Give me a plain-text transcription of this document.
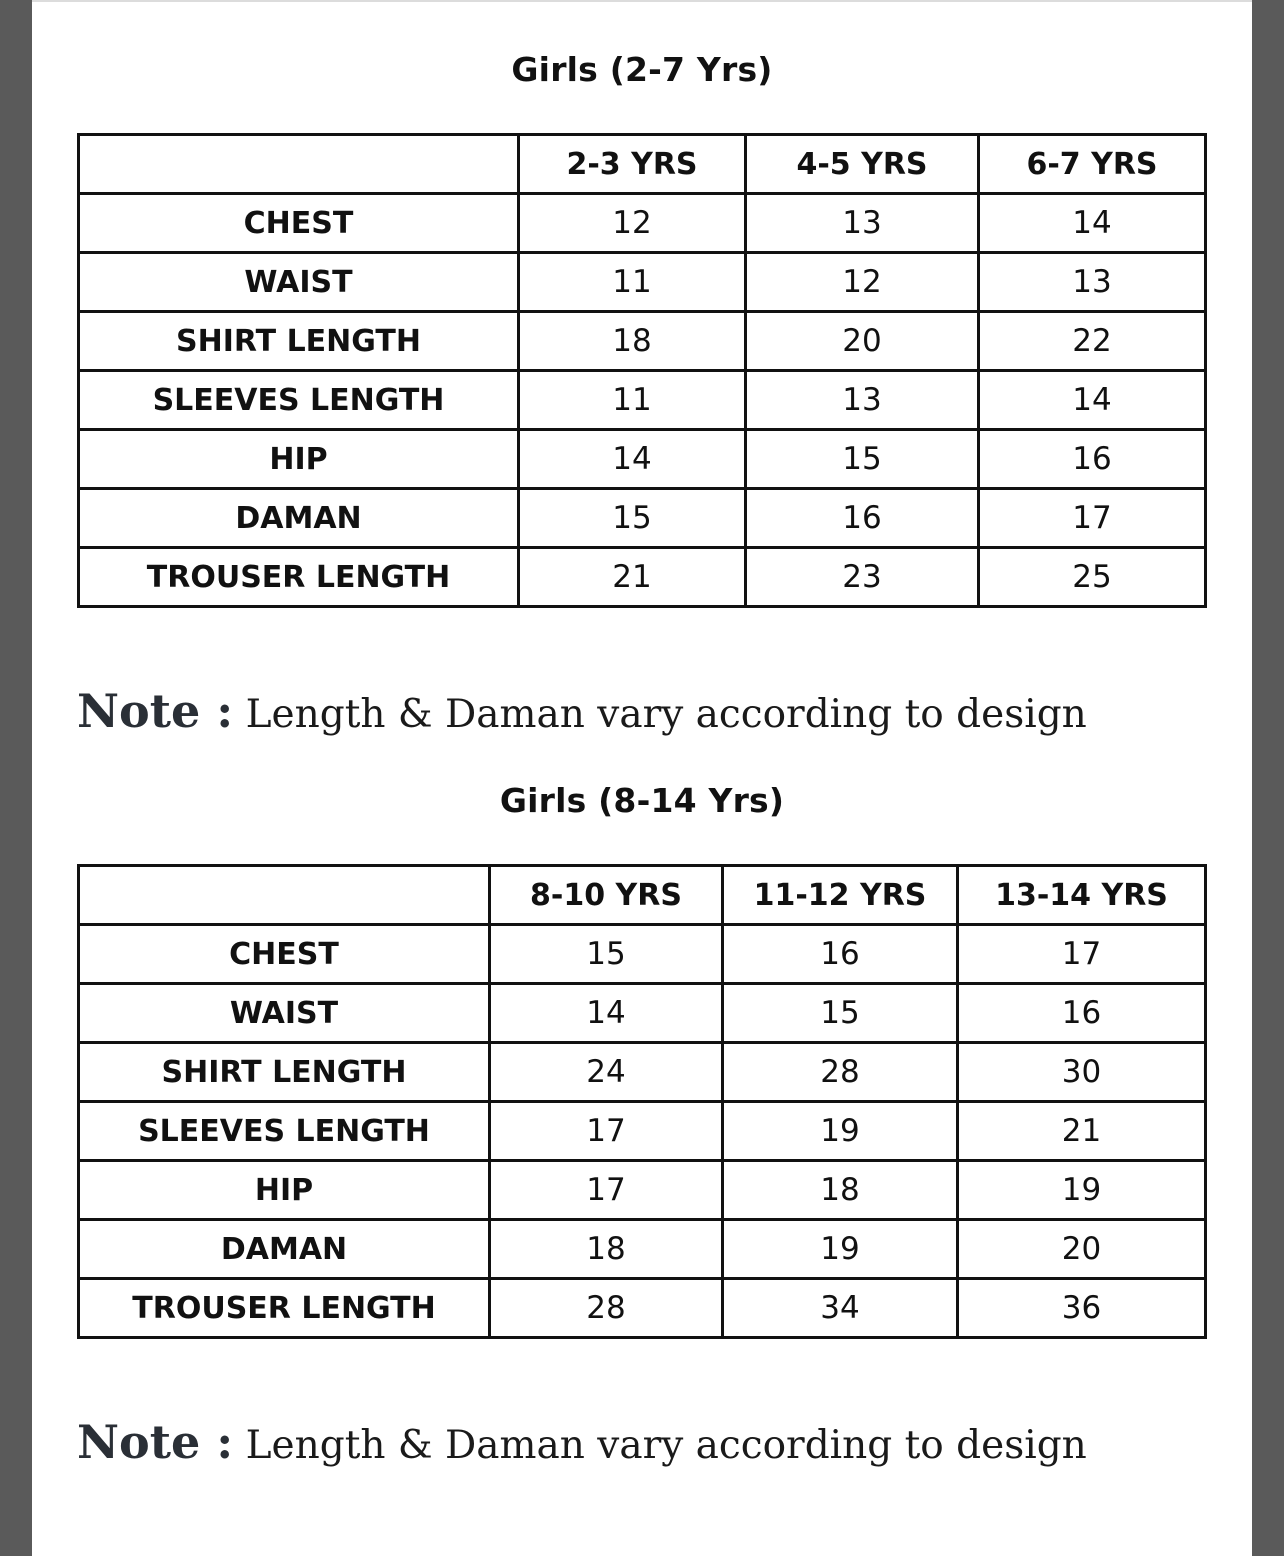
Girls (2-7 Yrs)
	2-3 YRS	4-5 YRS	6-7 YRS
CHEST	12	13	14
WAIST	11	12	13
SHIRT LENGTH	18	20	22
SLEEVES LENGTH	11	13	14
HIP	14	15	16
DAMAN	15	16	17
TROUSER LENGTH	21	23	25
Note : Length & Daman vary according to design
Girls (8-14 Yrs)
	8-10 YRS	11-12 YRS	13-14 YRS
CHEST	15	16	17
WAIST	14	15	16
SHIRT LENGTH	24	28	30
SLEEVES LENGTH	17	19	21
HIP	17	18	19
DAMAN	18	19	20
TROUSER LENGTH	28	34	36
Note : Length & Daman vary according to design
